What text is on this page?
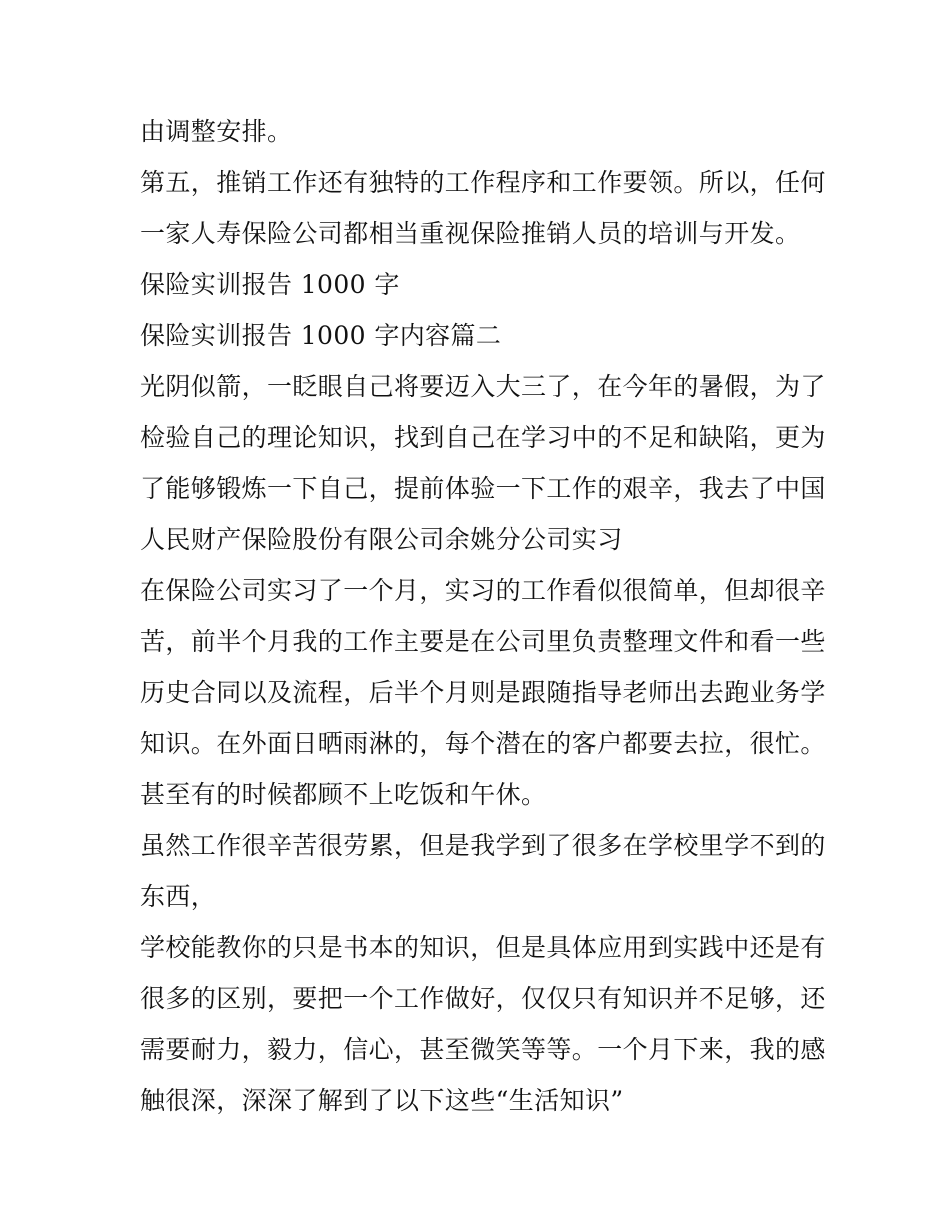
由调整安排。
第五，推销工作还有独特的工作程序和工作要领。所以，任何
一家人寿保险公司都相当重视保险推销人员的培训与开发。
保险实训报告 1000 字
保险实训报告 1000 字内容篇二
光阴似箭，一眨眼自己将要迈入大三了，在今年的暑假，为了
检验自己的理论知识，找到自己在学习中的不足和缺陷，更为
了能够锻炼一下自己，提前体验一下工作的艰辛，我去了中国
人民财产保险股份有限公司余姚分公司实习
在保险公司实习了一个月，实习的工作看似很简单，但却很辛
苦，前半个月我的工作主要是在公司里负责整理文件和看一些
历史合同以及流程，后半个月则是跟随指导老师出去跑业务学
知识。在外面日晒雨淋的，每个潜在的客户都要去拉，很忙。
甚至有的时候都顾不上吃饭和午休。
虽然工作很辛苦很劳累，但是我学到了很多在学校里学不到的
东西，
学校能教你的只是书本的知识，但是具体应用到实践中还是有
很多的区别，要把一个工作做好，仅仅只有知识并不足够，还
需要耐力，毅力，信心，甚至微笑等等。一个月下来，我的感
触很深，深深了解到了以下这些“生活知识”
